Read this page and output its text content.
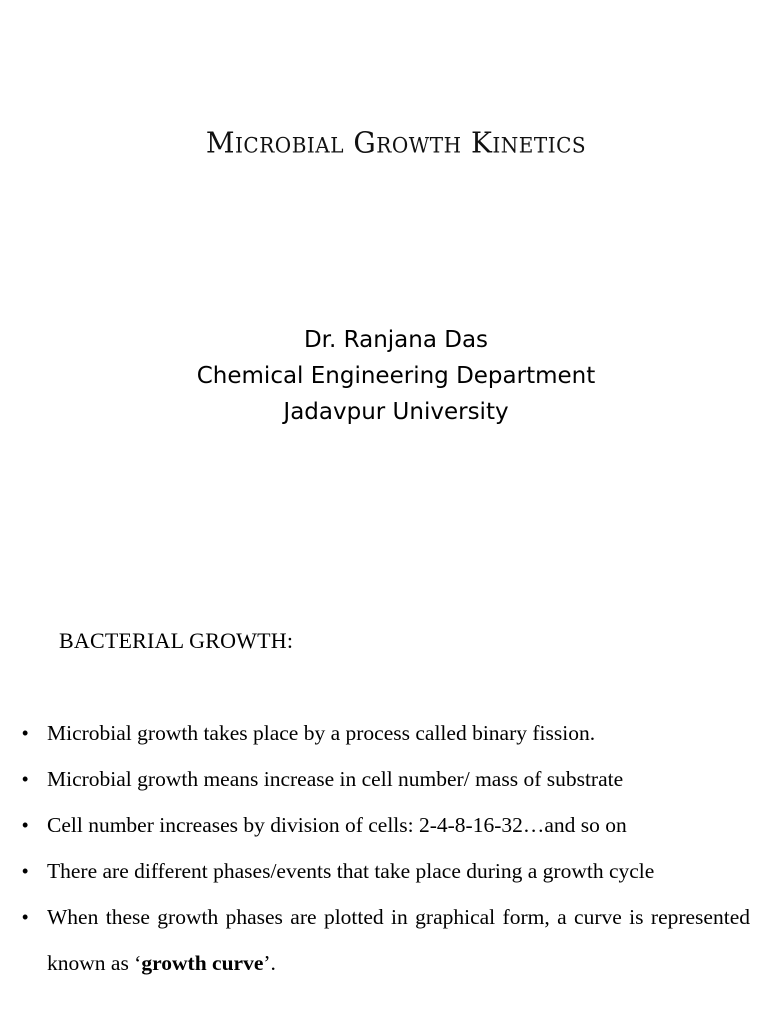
Microbial Growth Kinetics
Dr. Ranjana Das
Chemical Engineering Department
Jadavpur University
BACTERIAL GROWTH:
• Microbial growth takes place by a process called binary fission.
• Microbial growth means increase in cell number/ mass of substrate
• Cell number increases by division of cells: 2-4-8-16-32…and so on
• There are different phases/events that take place during a growth cycle
• When these growth phases are plotted in graphical form, a curve is represented known as ‘growth curve’.
